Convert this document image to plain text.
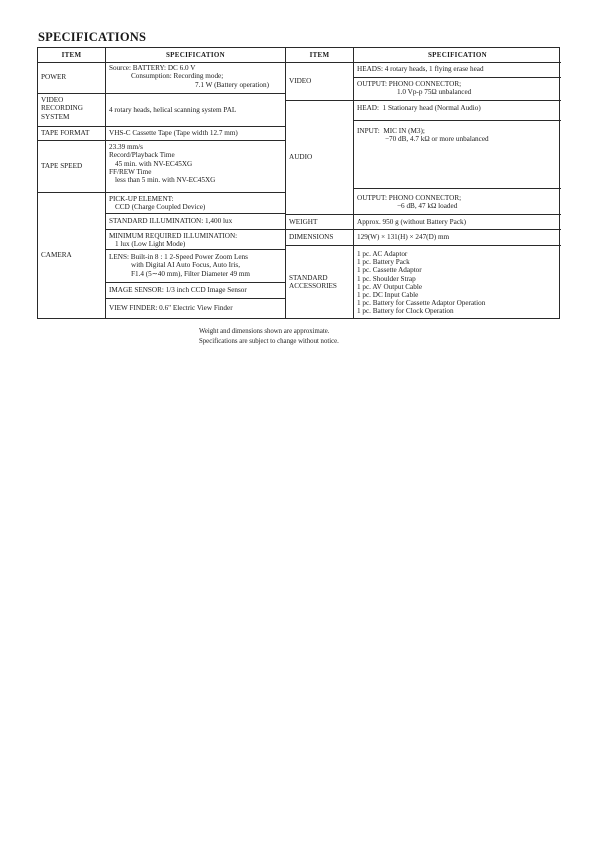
SPECIFICATIONS
ITEM
POWER
VIDEO
RECORDING
SYSTEM
TAPE FORMAT
TAPE SPEED
CAMERA
SPECIFICATION
Source: BATTERY: DC 6.0 V
Consumption: Recording mode;
7.1 W (Battery operation)
4 rotary heads, helical scanning system PAL
VHS-C Cassette Tape (Tape width 12.7 mm)
23.39 mm/s
Record/Playback Time
45 min. with NV-EC45XG
FF/REW Time
less than 5 min. with NV-EC45XG
PICK-UP ELEMENT:
CCD (Charge Coupled Device)
STANDARD ILLUMINATION: 1,400 lux
MINIMUM REQUIRED ILLUMINATION:
1 lux (Low Light Mode)
LENS: Built-in 8 : 1 2-Speed Power Zoom Lens
with Digital AI Auto Focus, Auto Iris,
F1.4 (5∼40 mm), Filter Diameter 49 mm
IMAGE SENSOR: 1/3 inch CCD Image Sensor
VIEW FINDER: 0.6" Electric View Finder
ITEM
VIDEO
AUDIO
WEIGHT
DIMENSIONS
STANDARD
ACCESSORIES
SPECIFICATION
HEADS: 4 rotary heads, 1 flying erase head
OUTPUT: PHONO CONNECTOR;
1.0 Vp-p 75Ω unbalanced
HEAD:  1 Stationary head (Normal Audio)
INPUT:  MIC IN (M3);
−70 dB, 4.7 kΩ or more unbalanced
OUTPUT: PHONO CONNECTOR;
−6 dB, 47 kΩ loaded
Approx. 950 g (without Battery Pack)
129(W) × 131(H) × 247(D) mm
1 pc. AC Adaptor
1 pc. Battery Pack
1 pc. Cassette Adaptor
1 pc. Shoulder Strap
1 pc. AV Output Cable
1 pc. DC Input Cable
1 pc. Battery for Cassette Adaptor Operation
1 pc. Battery for Clock Operation
Weight and dimensions shown are approximate.
Specifications are subject to change without notice.
